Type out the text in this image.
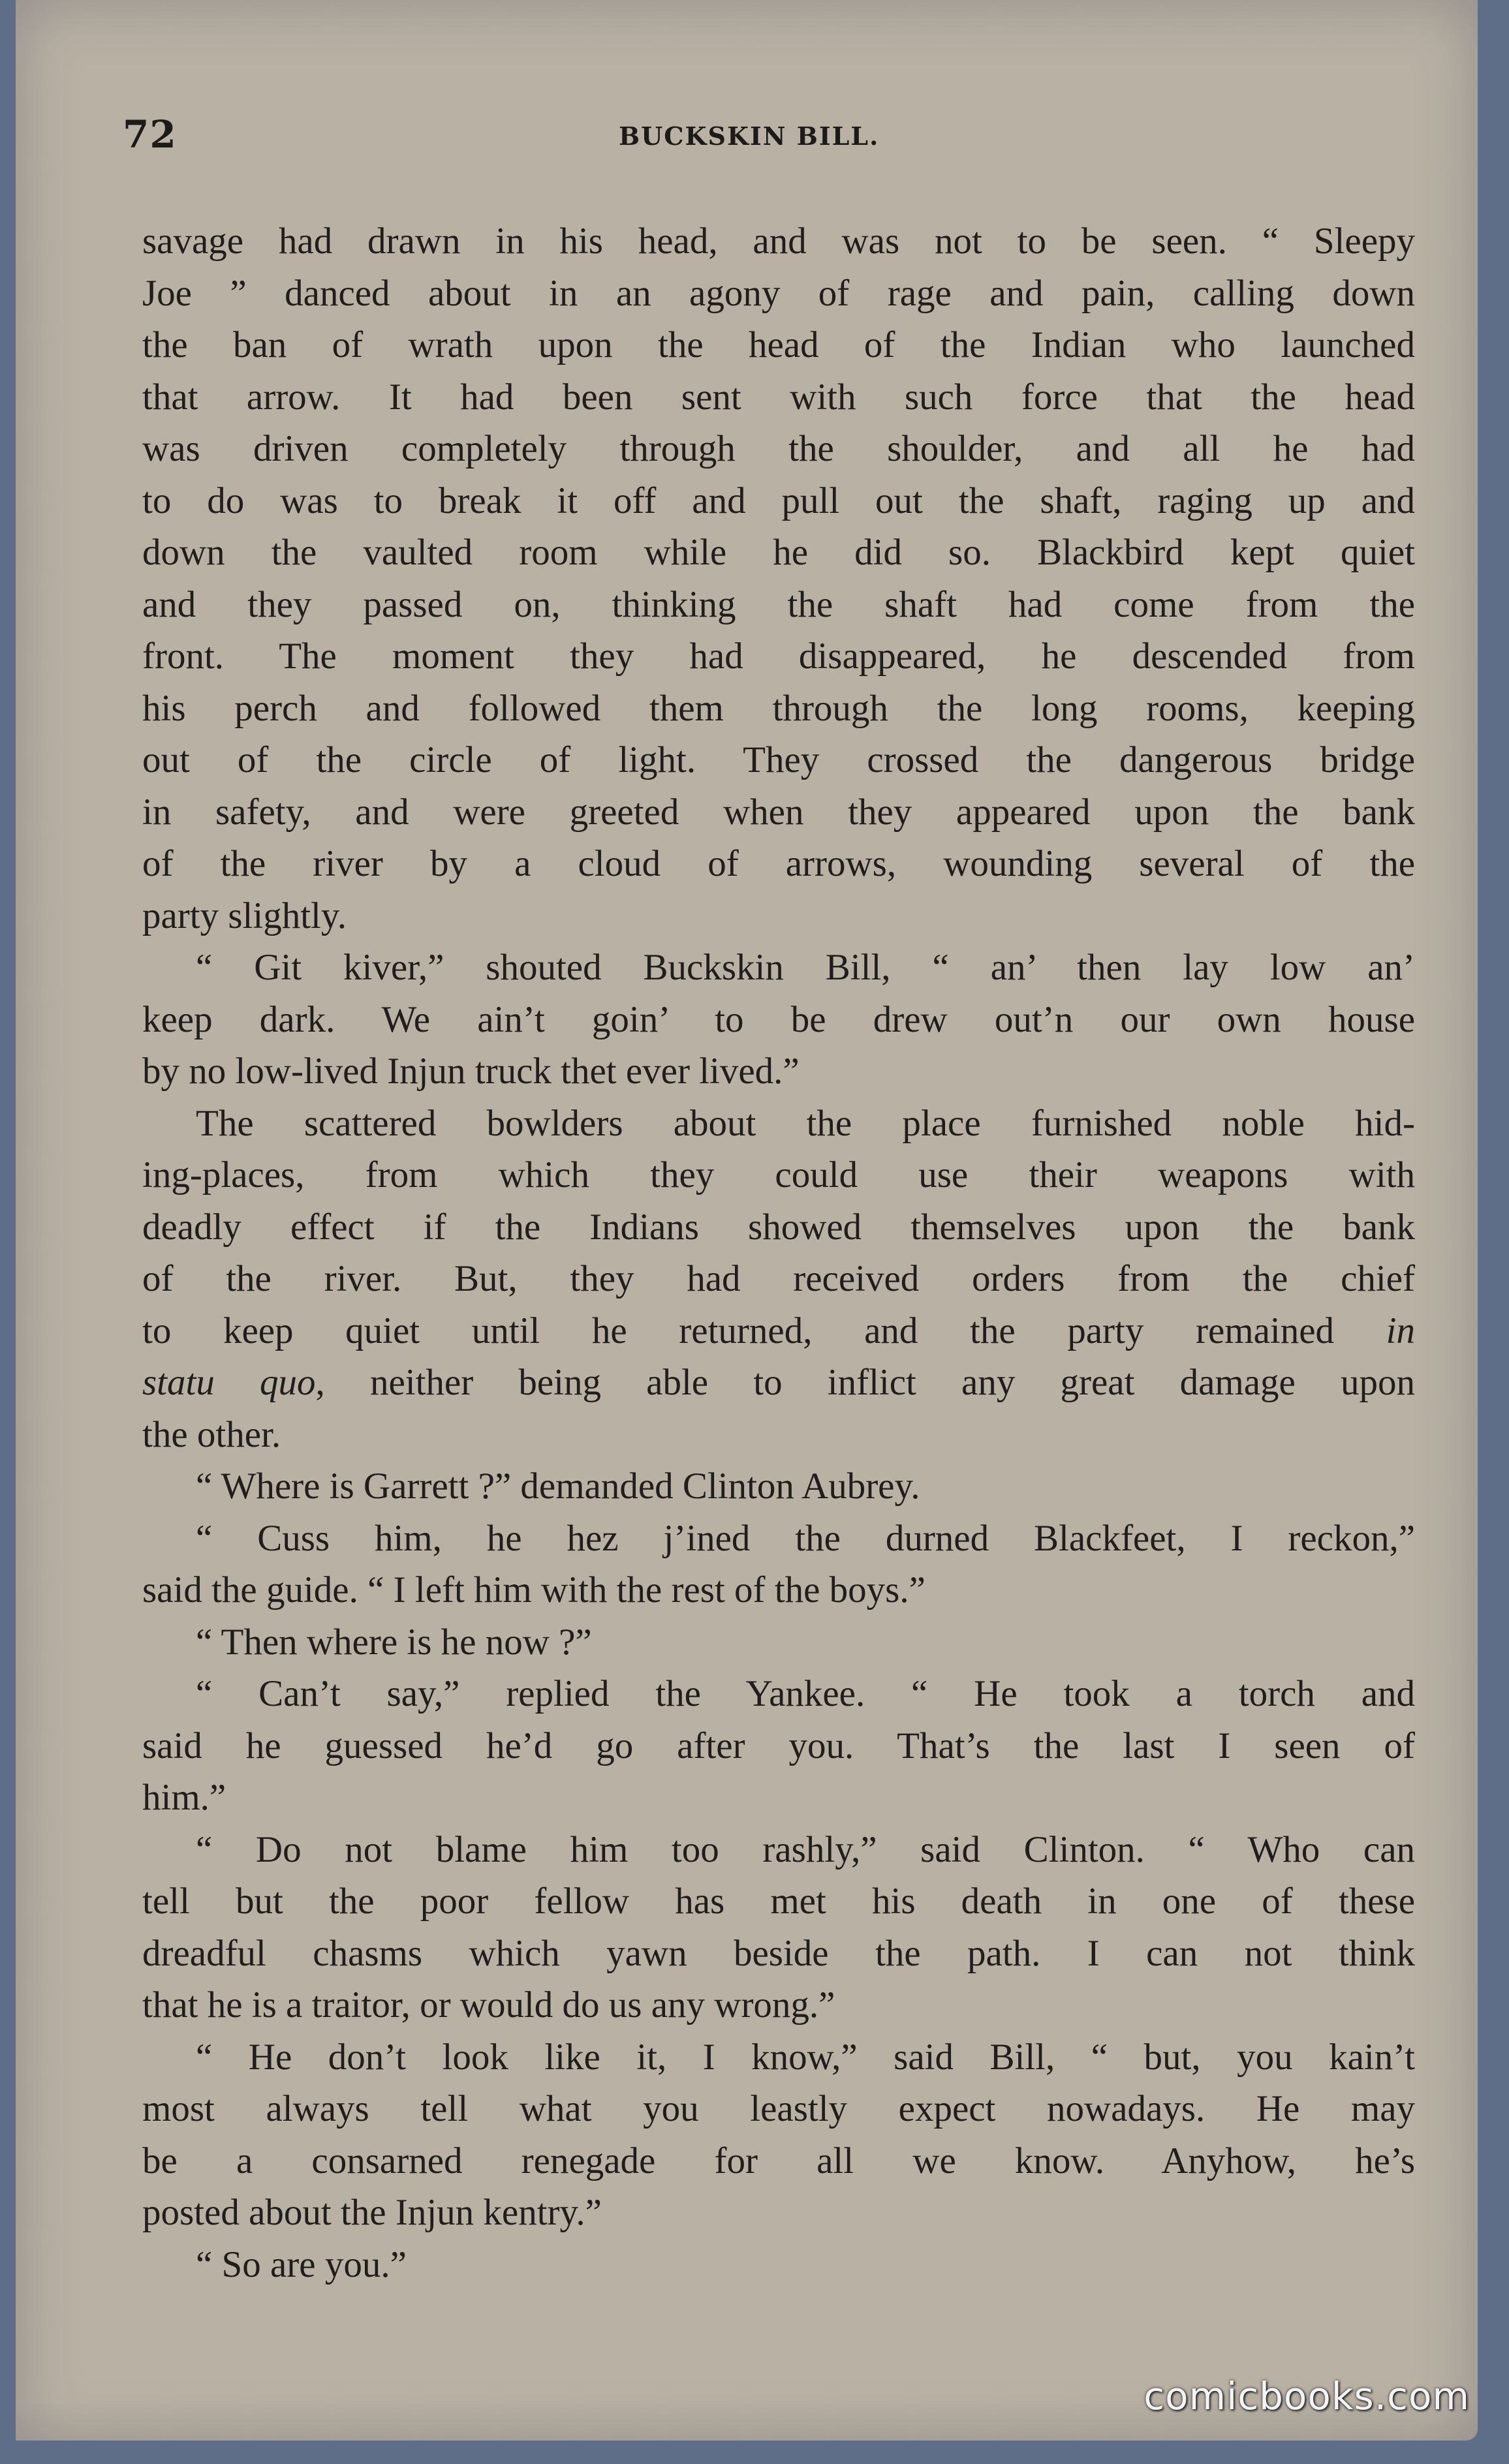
72	BUCKSKIN BILL.

savage had drawn in his head, and was not to be seen. “ Sleepy
Joe ” danced about in an agony of rage and pain, calling down
the ban of wrath upon the head of the Indian who launched
that arrow. It had been sent with such force that the head
was driven completely through the shoulder, and all he had
to do was to break it off and pull out the shaft, raging up and
down the vaulted room while he did so. Blackbird kept quiet
and they passed on, thinking the shaft had come from the
front. The moment they had disappeared, he descended from
his perch and followed them through the long rooms, keeping
out of the circle of light. They crossed the dangerous bridge
in safety, and were greeted when they appeared upon the bank
of the river by a cloud of arrows, wounding several of the
party slightly.

“ Git kiver,” shouted Buckskin Bill, “ an’ then lay low an’
keep dark. We ain’t goin’ to be drew out’n our own house
by no low-lived Injun truck thet ever lived.”

The scattered bowlders about the place furnished noble hid-
ing-places, from which they could use their weapons with
deadly effect if the Indians showed themselves upon the bank
of the river. But, they had received orders from the chief
to keep quiet until he returned, and the party remained in
statu quo, neither being able to inflict any great damage upon
the other.

“ Where is Garrett ?” demanded Clinton Aubrey.

“ Cuss him, he hez j’ined the durned Blackfeet, I reckon,”
said the guide. “ I left him with the rest of the boys.”

“ Then where is he now ?”

“ Can’t say,” replied the Yankee. “ He took a torch and
said he guessed he’d go after you. That’s the last I seen of
him.”

“ Do not blame him too rashly,” said Clinton. “ Who can
tell but the poor fellow has met his death in one of these
dreadful chasms which yawn beside the path. I can not think
that he is a traitor, or would do us any wrong.”

“ He don’t look like it, I know,” said Bill, “ but, you kain’t
most always tell what you leastly expect nowadays. He may
be a consarned renegade for all we know. Anyhow, he’s
posted about the Injun kentry.”

“ So are you.”

comicbooks.com
